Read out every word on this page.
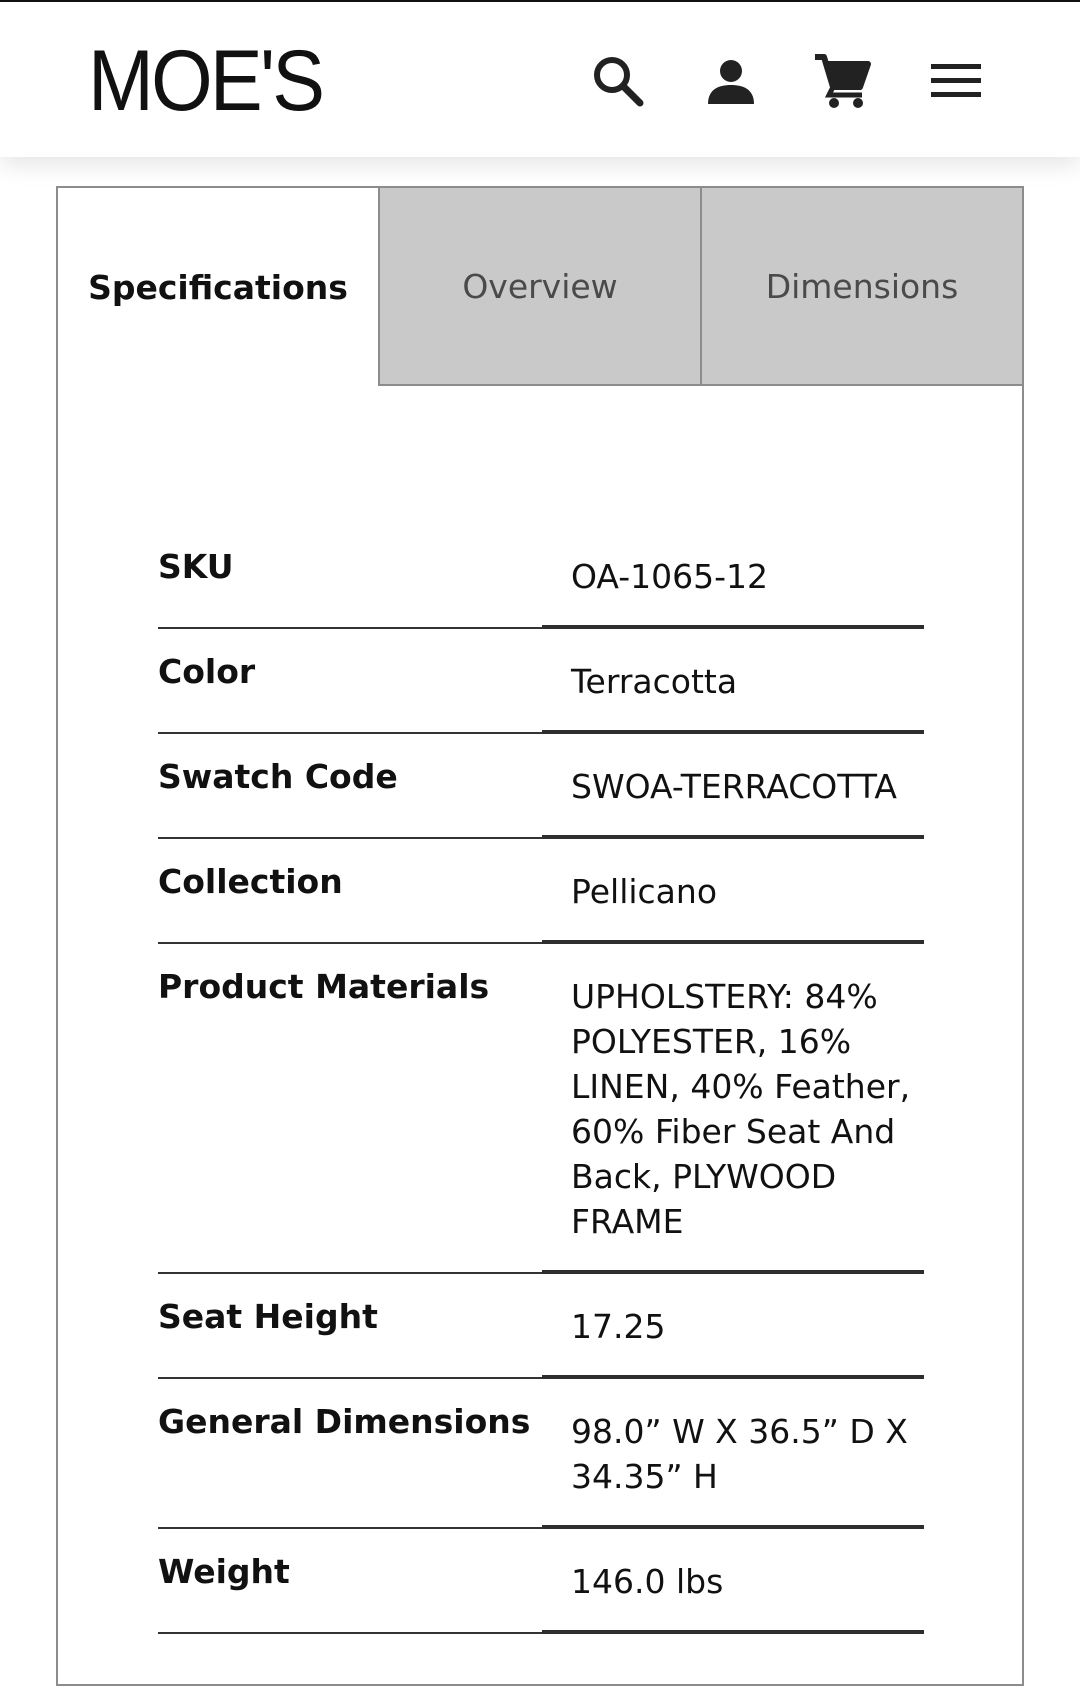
MOE'S
Specifications	Overview	Dimensions
SKU	OA-1065-12
Color	Terracotta
Swatch Code	SWOA-TERRACOTTA
Collection	Pellicano
Product Materials	UPHOLSTERY: 84% POLYESTER, 16% LINEN, 40% Feather, 60% Fiber Seat And Back, PLYWOOD FRAME
Seat Height	17.25
General Dimensions	98.0” W X 36.5” D X 34.35” H
Weight	146.0 lbs
